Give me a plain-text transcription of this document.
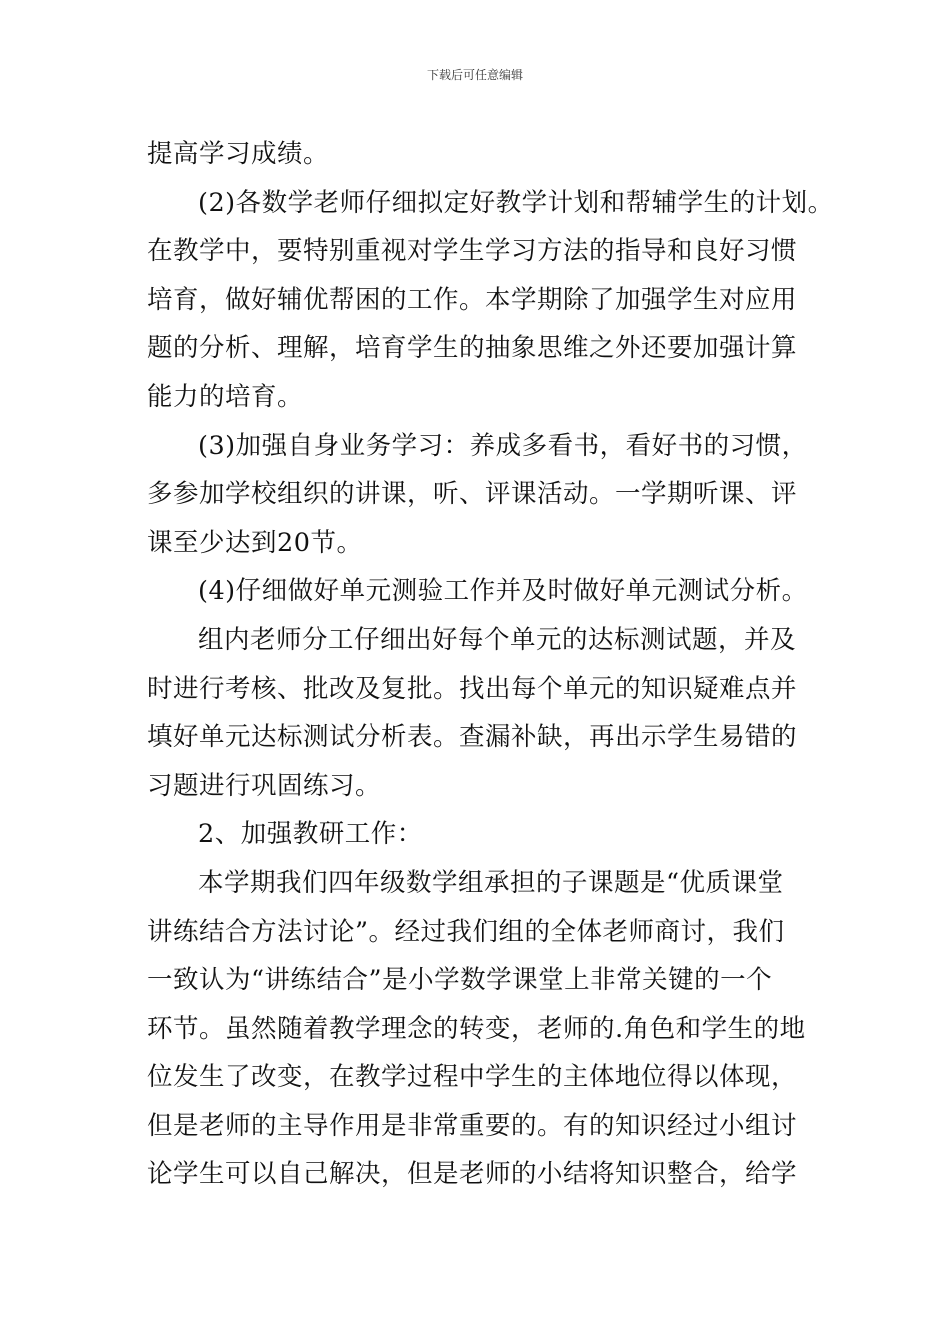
下载后可任意编辑
提高学习成绩。
(2)各数学老师仔细拟定好教学计划和帮辅学生的计划。
在教学中，要特别重视对学生学习方法的指导和良好习惯
培育，做好辅优帮困的工作。本学期除了加强学生对应用
题的分析、理解，培育学生的抽象思维之外还要加强计算
能力的培育。
(3)加强自身业务学习：养成多看书，看好书的习惯，
多参加学校组织的讲课，听、评课活动。一学期听课、评
课至少达到20节。
(4)仔细做好单元测验工作并及时做好单元测试分析。
组内老师分工仔细出好每个单元的达标测试题，并及
时进行考核、批改及复批。找出每个单元的知识疑难点并
填好单元达标测试分析表。查漏补缺，再出示学生易错的
习题进行巩固练习。
2、加强教研工作：
本学期我们四年级数学组承担的子课题是“优质课堂
讲练结合方法讨论”。经过我们组的全体老师商讨，我们
一致认为“讲练结合”是小学数学课堂上非常关键的一个
环节。虽然随着教学理念的转变，老师的.角色和学生的地
位发生了改变，在教学过程中学生的主体地位得以体现，
但是老师的主导作用是非常重要的。有的知识经过小组讨
论学生可以自己解决，但是老师的小结将知识整合，给学
